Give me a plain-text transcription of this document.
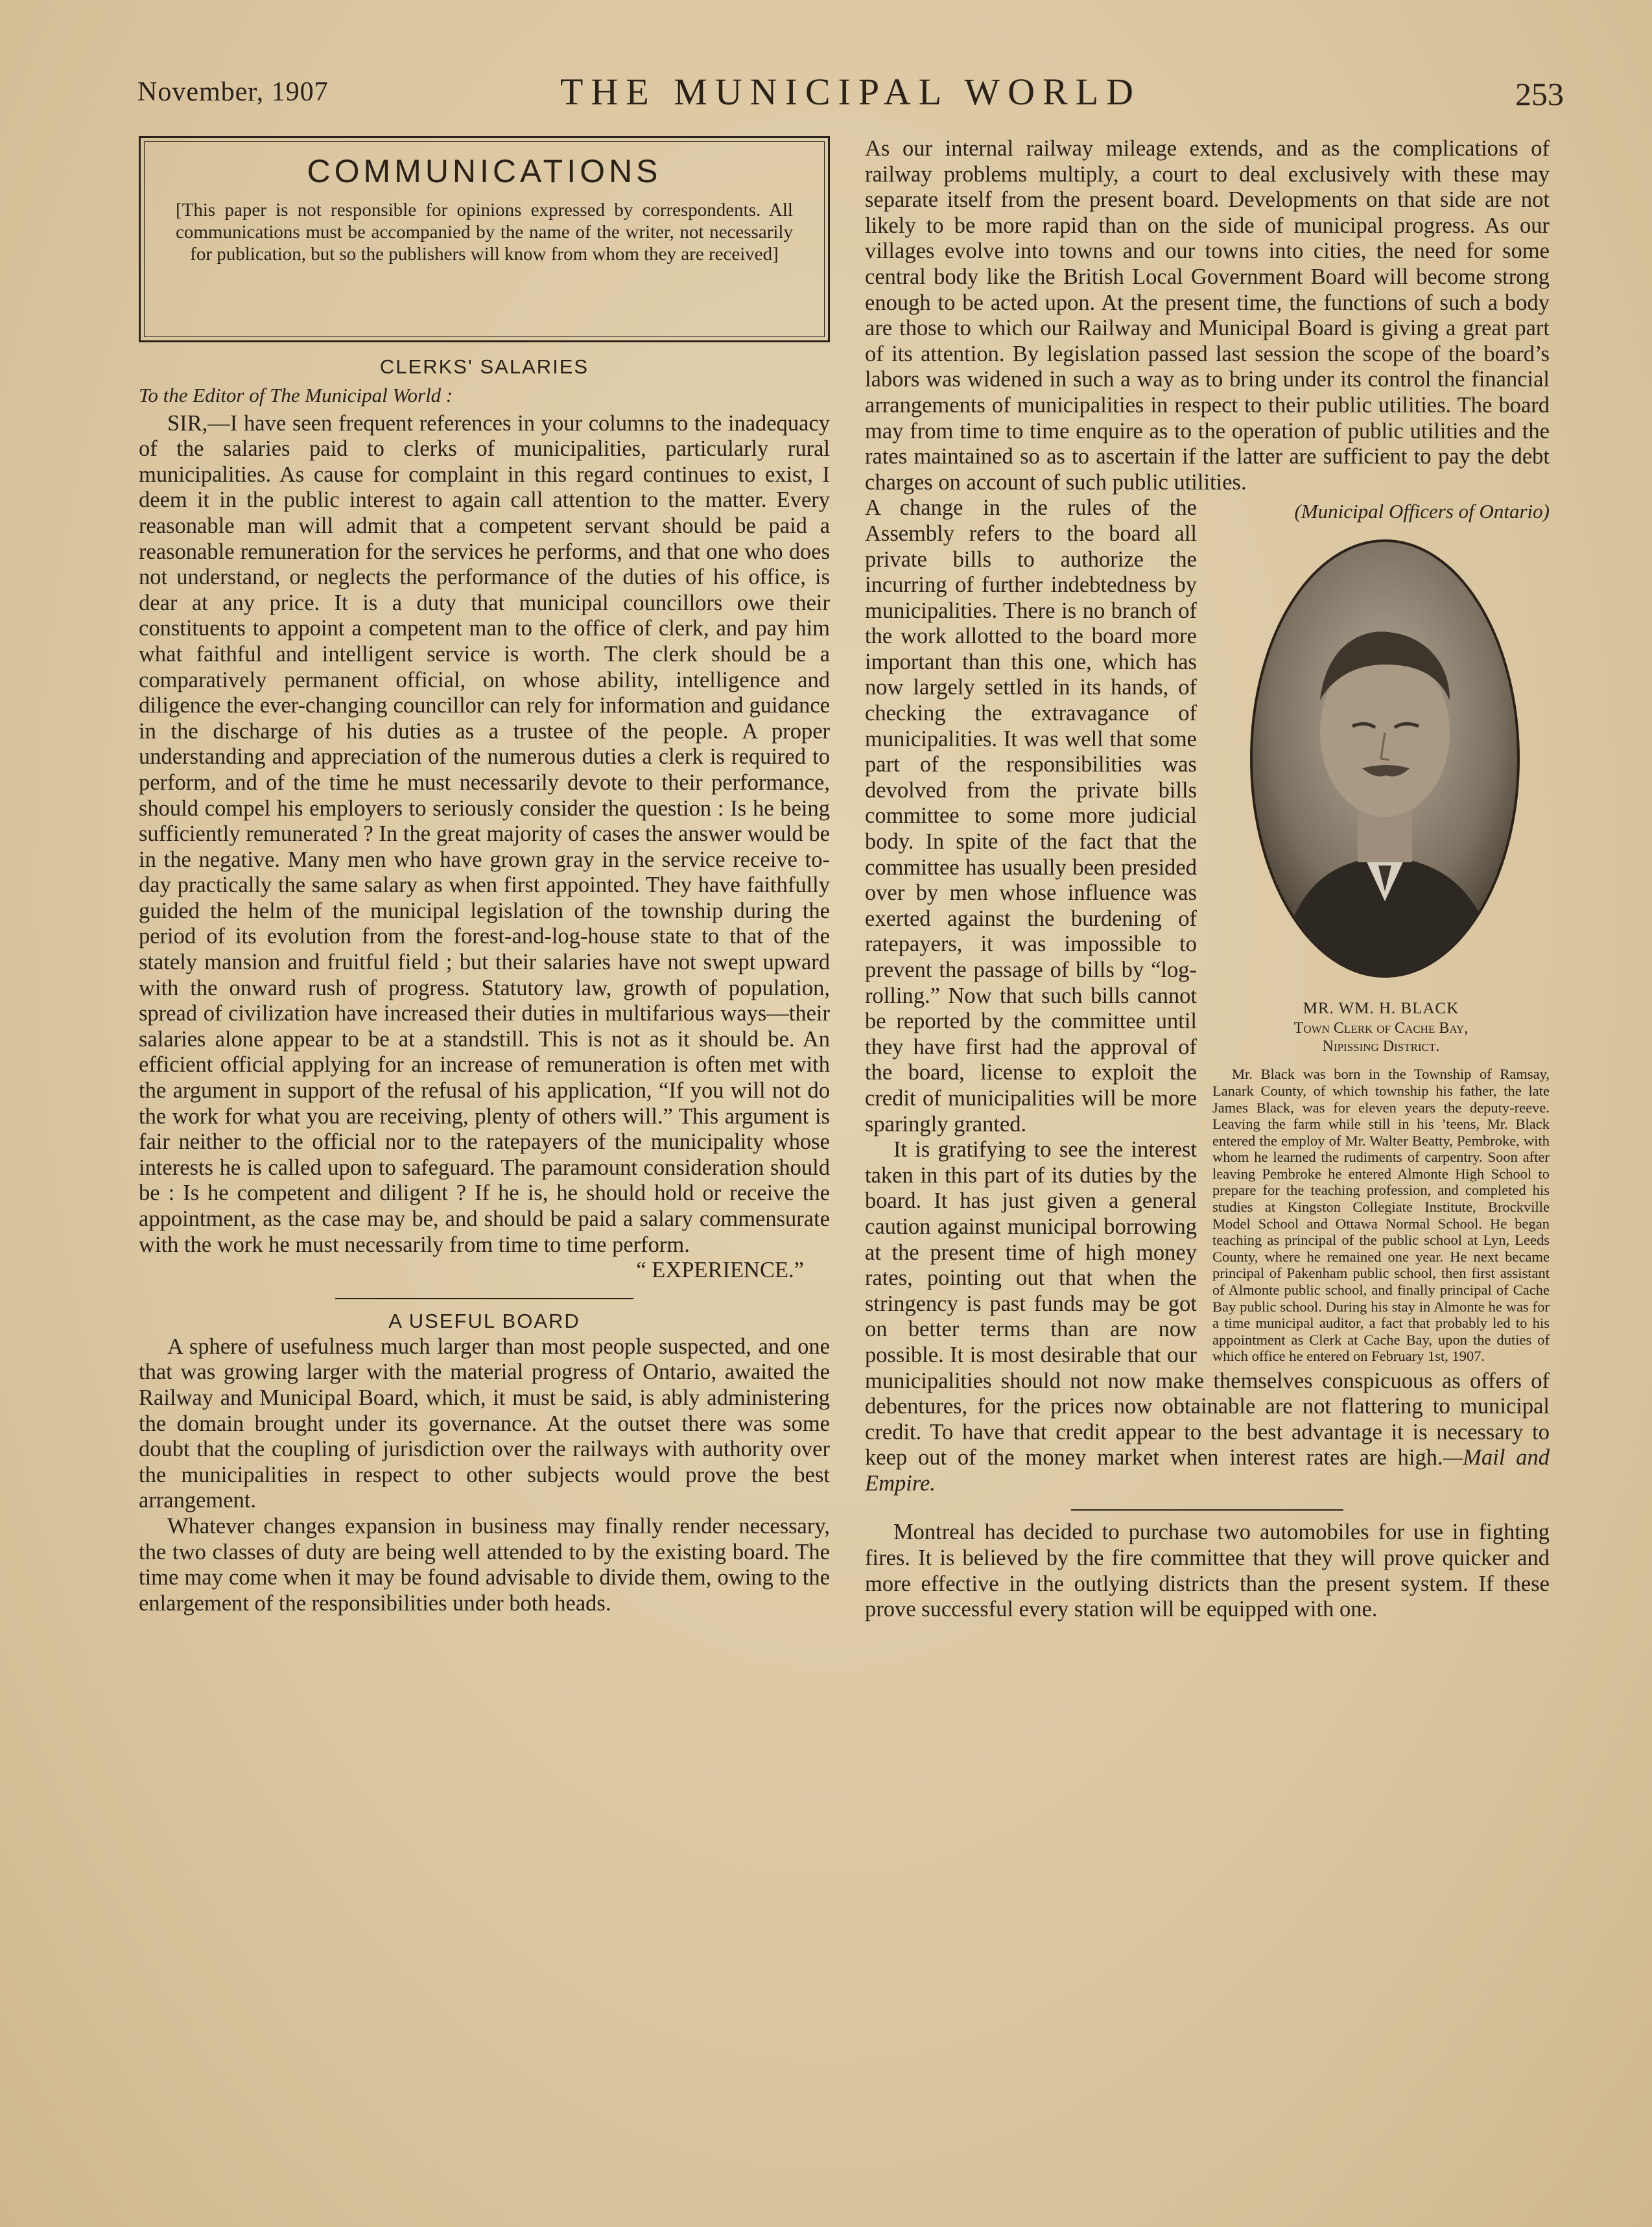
November, 1907	THE MUNICIPAL WORLD	253
COMMUNICATIONS
[This paper is not responsible for opinions expressed by correspondents. All communications must be accompanied by the name of the writer, not necessarily for publication, but so the publishers will know from whom they are received]
CLERKS' SALARIES
To the Editor of The Municipal World :

SIR,—I have seen frequent references in your columns to the inadequacy of the salaries paid to clerks of municipalities, particularly rural municipalities. As cause for complaint in this regard continues to exist, I deem it in the public interest to again call attention to the matter. Every reasonable man will admit that a competent servant should be paid a reasonable remuneration for the services he performs, and that one who does not understand, or neglects the performance of the duties of his office, is dear at any price. It is a duty that municipal councillors owe their constituents to appoint a competent man to the office of clerk, and pay him what faithful and intelligent service is worth. The clerk should be a comparatively permanent official, on whose ability, intelligence and diligence the ever-changing councillor can rely for information and guidance in the discharge of his duties as a trustee of the people. A proper understanding and appreciation of the numerous duties a clerk is required to perform, and of the time he must necessarily devote to their performance, should compel his employers to seriously consider the question : Is he being sufficiently remunerated ? In the great majority of cases the answer would be in the negative. Many men who have grown gray in the service receive to-day practically the same salary as when first appointed. They have faithfully guided the helm of the municipal legislation of the township during the period of its evolution from the forest-and-log-house state to that of the stately mansion and fruitful field ; but their salaries have not swept upward with the onward rush of progress. Statutory law, growth of population, spread of civilization have increased their duties in multifarious ways—their salaries alone appear to be at a standstill. This is not as it should be. An efficient official applying for an increase of remuneration is often met with the argument in support of the refusal of his application, “If you will not do the work for what you are receiving, plenty of others will.” This argument is fair neither to the official nor to the ratepayers of the municipality whose interests he is called upon to safeguard. The paramount consideration should be : Is he competent and diligent ? If he is, he should hold or receive the appointment, as the case may be, and should be paid a salary commensurate with the work he must necessarily from time to time perform.

“ EXPERIENCE.”
A USEFUL BOARD

A sphere of usefulness much larger than most people suspected, and one that was growing larger with the material progress of Ontario, awaited the Railway and Municipal Board, which, it must be said, is ably administering the domain brought under its governance. At the outset there was some doubt that the coupling of jurisdiction over the railways with authority over the municipalities in respect to other subjects would prove the best arrangement.

Whatever changes expansion in business may finally render necessary, the two classes of duty are being well attended to by the existing board. The time may come when it may be found advisable to divide them, owing to the enlargement of the responsibilities under both heads.

As our internal railway mileage extends, and as the complications of railway problems multiply, a court to deal exclusively with these may separate itself from the present board. Developments on that side are not likely to be more rapid than on the side of municipal progress. As our villages evolve into towns and our towns into cities, the need for some central body like the British Local Government Board will become strong enough to be acted upon. At the present time, the functions of such a body are those to which our Railway and Municipal Board is giving a great part of its attention. By legislation passed last session the scope of the board’s labors was widened in such a way as to bring under its control the financial arrangements of municipalities in respect to their public utilities. The board may from time to time enquire as to the operation of public utilities and the rates maintained so as to ascertain if the latter are sufficient to pay the debt charges on account of such public utilities.

(Municipal Officers of Ontario)
MR. WM. H. BLACK
Town Clerk of Cache Bay,
Nipissing District.
Mr. Black was born in the Township of Ramsay, Lanark County, of which township his father, the late James Black, was for eleven years the deputy-reeve. Leaving the farm while still in his ’teens, Mr. Black entered the employ of Mr. Walter Beatty, Pembroke, with whom he learned the rudiments of carpentry. Soon after leaving Pembroke he entered Almonte High School to prepare for the teaching profession, and completed his studies at Kingston Collegiate Institute, Brockville Model School and Ottawa Normal School. He began teaching as principal of the public school at Lyn, Leeds County, where he remained one year. He next became principal of Pakenham public school, then first assistant of Almonte public school, and finally principal of Cache Bay public school. During his stay in Almonte he was for a time municipal auditor, a fact that probably led to his appointment as Clerk at Cache Bay, upon the duties of which office he entered on February 1st, 1907.

A change in the rules of the Assembly refers to the board all private bills to authorize the incurring of further indebtedness by municipalities. There is no branch of the work allotted to the board more important than this one, which has now largely settled in its hands, of checking the extravagance of municipalities. It was well that some part of the responsibilities was devolved from the private bills committee to some more judicial body. In spite of the fact that the committee has usually been presided over by men whose influence was exerted against the burdening of ratepayers, it was impossible to prevent the passage of bills by “log-rolling.” Now that such bills cannot be reported by the committee until they have first had the approval of the board, license to exploit the credit of municipalities will be more sparingly granted.

It is gratifying to see the interest taken in this part of its duties by the board. It has just given a general caution against municipal borrowing at the present time of high money rates, pointing out that when the stringency is past funds may be got on better terms than are now possible. It is most desirable that our municipalities should not now make themselves conspicuous as offers of debentures, for the prices now obtainable are not flattering to municipal credit. To have that credit appear to the best advantage it is necessary to keep out of the money market when interest rates are high.—Mail and Empire.

Montreal has decided to purchase two automobiles for use in fighting fires. It is believed by the fire committee that they will prove quicker and more effective in the outlying districts than the present system. If these prove successful every station will be equipped with one.
